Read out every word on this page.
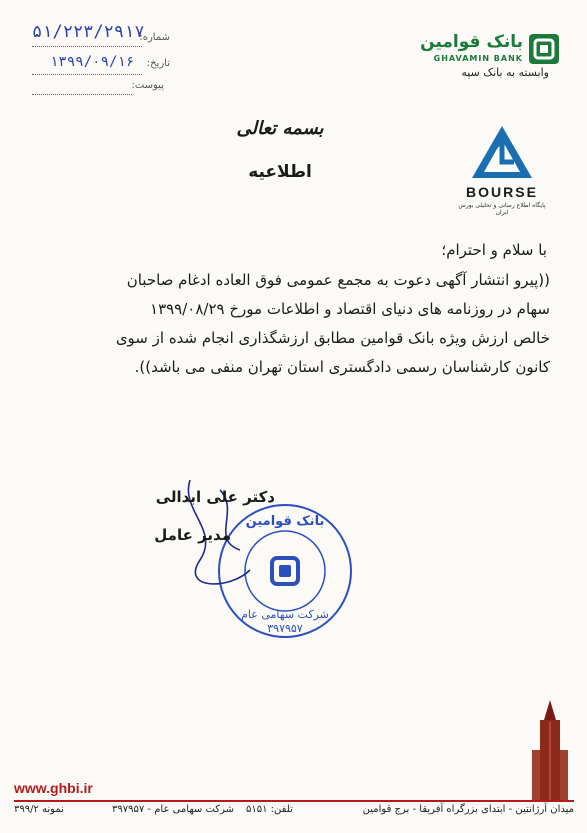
شماره:
۵۱/۲۲۳/۲۹۱۷
تاریخ:
۱۳۹۹/۰۹/۱۶
پیوست:
بانک قوامین
GHAVAMIN BANK
وابسته به بانک سپه
بسمه تعالی
اطلاعیه
BOURSE
پایگاه اطلاع رسانی و تحلیلی بورس ایران
با سلام و احترام؛
((پیرو انتشار آگهی دعوت به مجمع عمومی فوق العاده ادغام صاحبان
سهام در روزنامه های دنیای اقتصاد و اطلاعات مورخ ۱۳۹۹/۰۸/۲۹
خالص ارزش ویژه بانک قوامین مطابق ارزشگذاری انجام شده از سوی
کانون کارشناسان رسمی دادگستری استان تهران منفی می باشد)).
بانک قوامین
شرکت سهامی عام
۳۹۷۹۵۷
دکتر علی ابدالی
مدیر عامل
www.ghbi.ir
میدان آرژانتین - ابتدای بزرگراه آفریقا - برج قوامین
تلفن: ۵۱۵۱
شرکت سهامی عام - ۳۹۷۹۵۷
نمونه ۳۹۹/۲
